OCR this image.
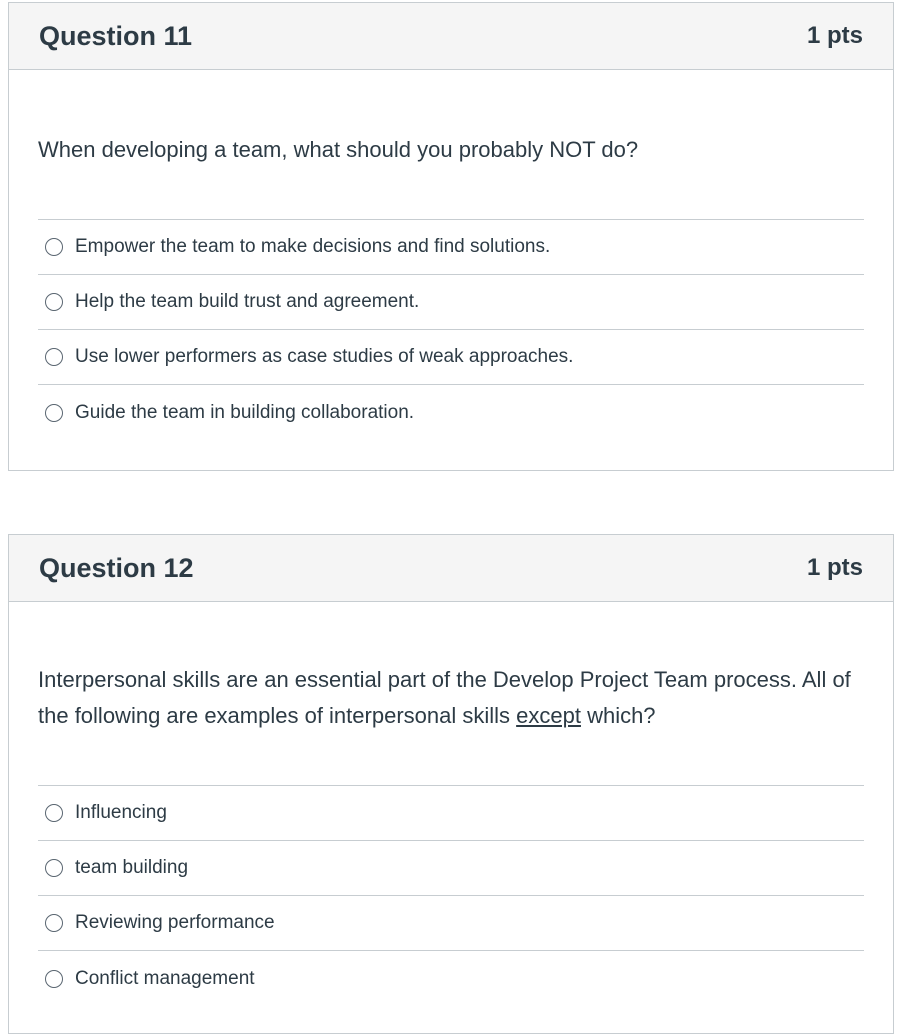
Question 11	1 pts

When developing a team, what should you probably NOT do?

Empower the team to make decisions and find solutions.
Help the team build trust and agreement.
Use lower performers as case studies of weak approaches.
Guide the team in building collaboration.
Question 12	1 pts

Interpersonal skills are an essential part of the Develop Project Team process. All of the following are examples of interpersonal skills except which?

Influencing
team building
Reviewing performance
Conflict management
